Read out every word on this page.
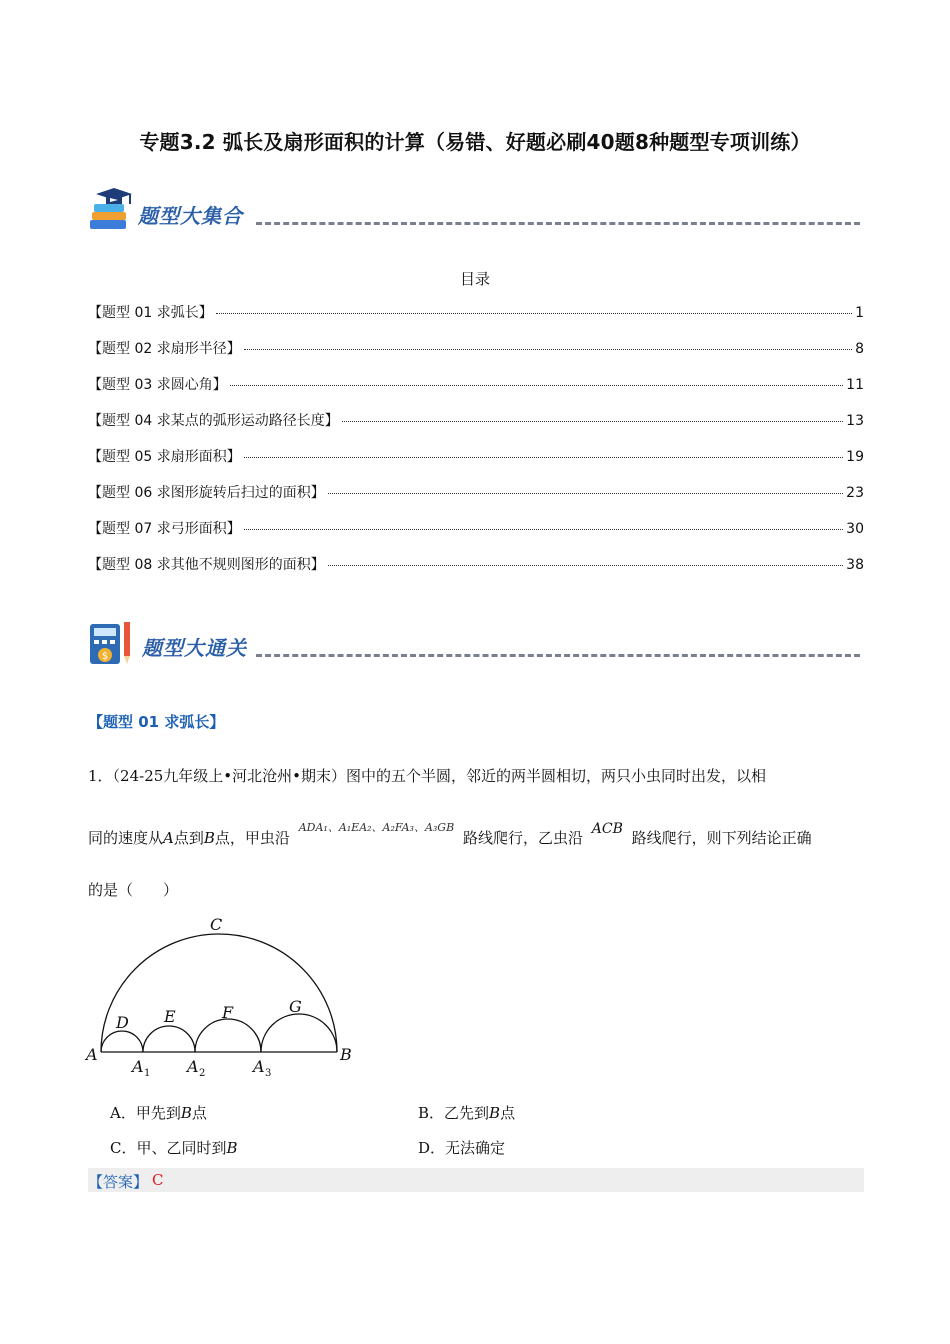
专题3.2 弧长及扇形面积的计算（易错、好题必刷40题8种题型专项训练）
题型大集合
目录
【题型 01 求弧长】	1
【题型 02 求扇形半径】	8
【题型 03 求圆心角】	11
【题型 04 求某点的弧形运动路径长度】	13
【题型 05 求扇形面积】	19
【题型 06 求图形旋转后扫过的面积】	23
【题型 07 求弓形面积】	30
【题型 08 求其他不规则图形的面积】	38
$ 题型大通关
【题型 01 求弧长】
1．（24-25九年级上•河北沧州•期末）图中的五个半圆，邻近的两半圆相切，两只小虫同时出发，以相
同的速度从A点到B点，甲虫沿 ADA₁、A₁EA₂、A₂FA₃、A₃GB 路线爬行，乙虫沿 ACB 路线爬行，则下列结论正确
的是（　　）
C
D E	F	G
A	B
A	A	A
1	2	3
A．甲先到B点	B．乙先到B点
C．甲、乙同时到B	D．无法确定
【答案】 C
